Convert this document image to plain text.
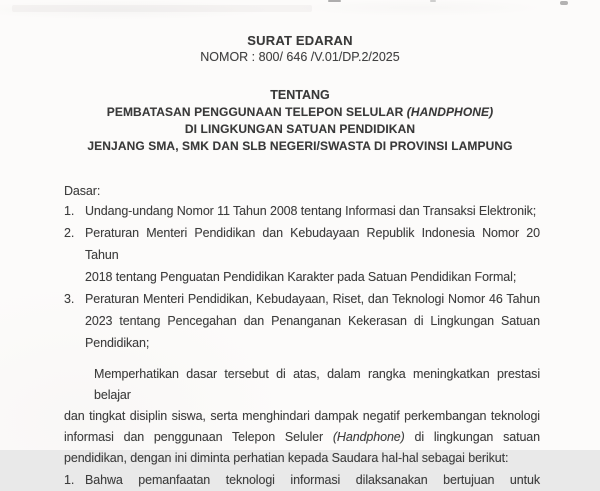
SURAT EDARAN
NOMOR : 800/ 646 /V.01/DP.2/2025
TENTANG
PEMBATASAN PENGGUNAAN TELEPON SELULAR (HANDPHONE)
DI LINGKUNGAN SATUAN PENDIDIKAN
JENJANG SMA, SMK DAN SLB NEGERI/SWASTA DI PROVINSI LAMPUNG
Dasar:
1. Undang-undang Nomor 11 Tahun 2008 tentang Informasi dan Transaksi Elektronik;
2. Peraturan Menteri Pendidikan dan Kebudayaan Republik Indonesia Nomor 20 Tahun
2018 tentang Penguatan Pendidikan Karakter pada Satuan Pendidikan Formal;
3. Peraturan Menteri Pendidikan, Kebudayaan, Riset, dan Teknologi Nomor 46 Tahun
2023 tentang Pencegahan dan Penanganan Kekerasan di Lingkungan Satuan
Pendidikan;
Memperhatikan dasar tersebut di atas, dalam rangka meningkatkan prestasi belajar
dan tingkat disiplin siswa, serta menghindari dampak negatif perkembangan teknologi
informasi dan penggunaan Telepon Seluler (Handphone) di lingkungan satuan
pendidikan, dengan ini diminta perhatian kepada Saudara hal-hal sebagai berikut:
1. Bahwa pemanfaatan teknologi informasi dilaksanakan bertujuan untuk
